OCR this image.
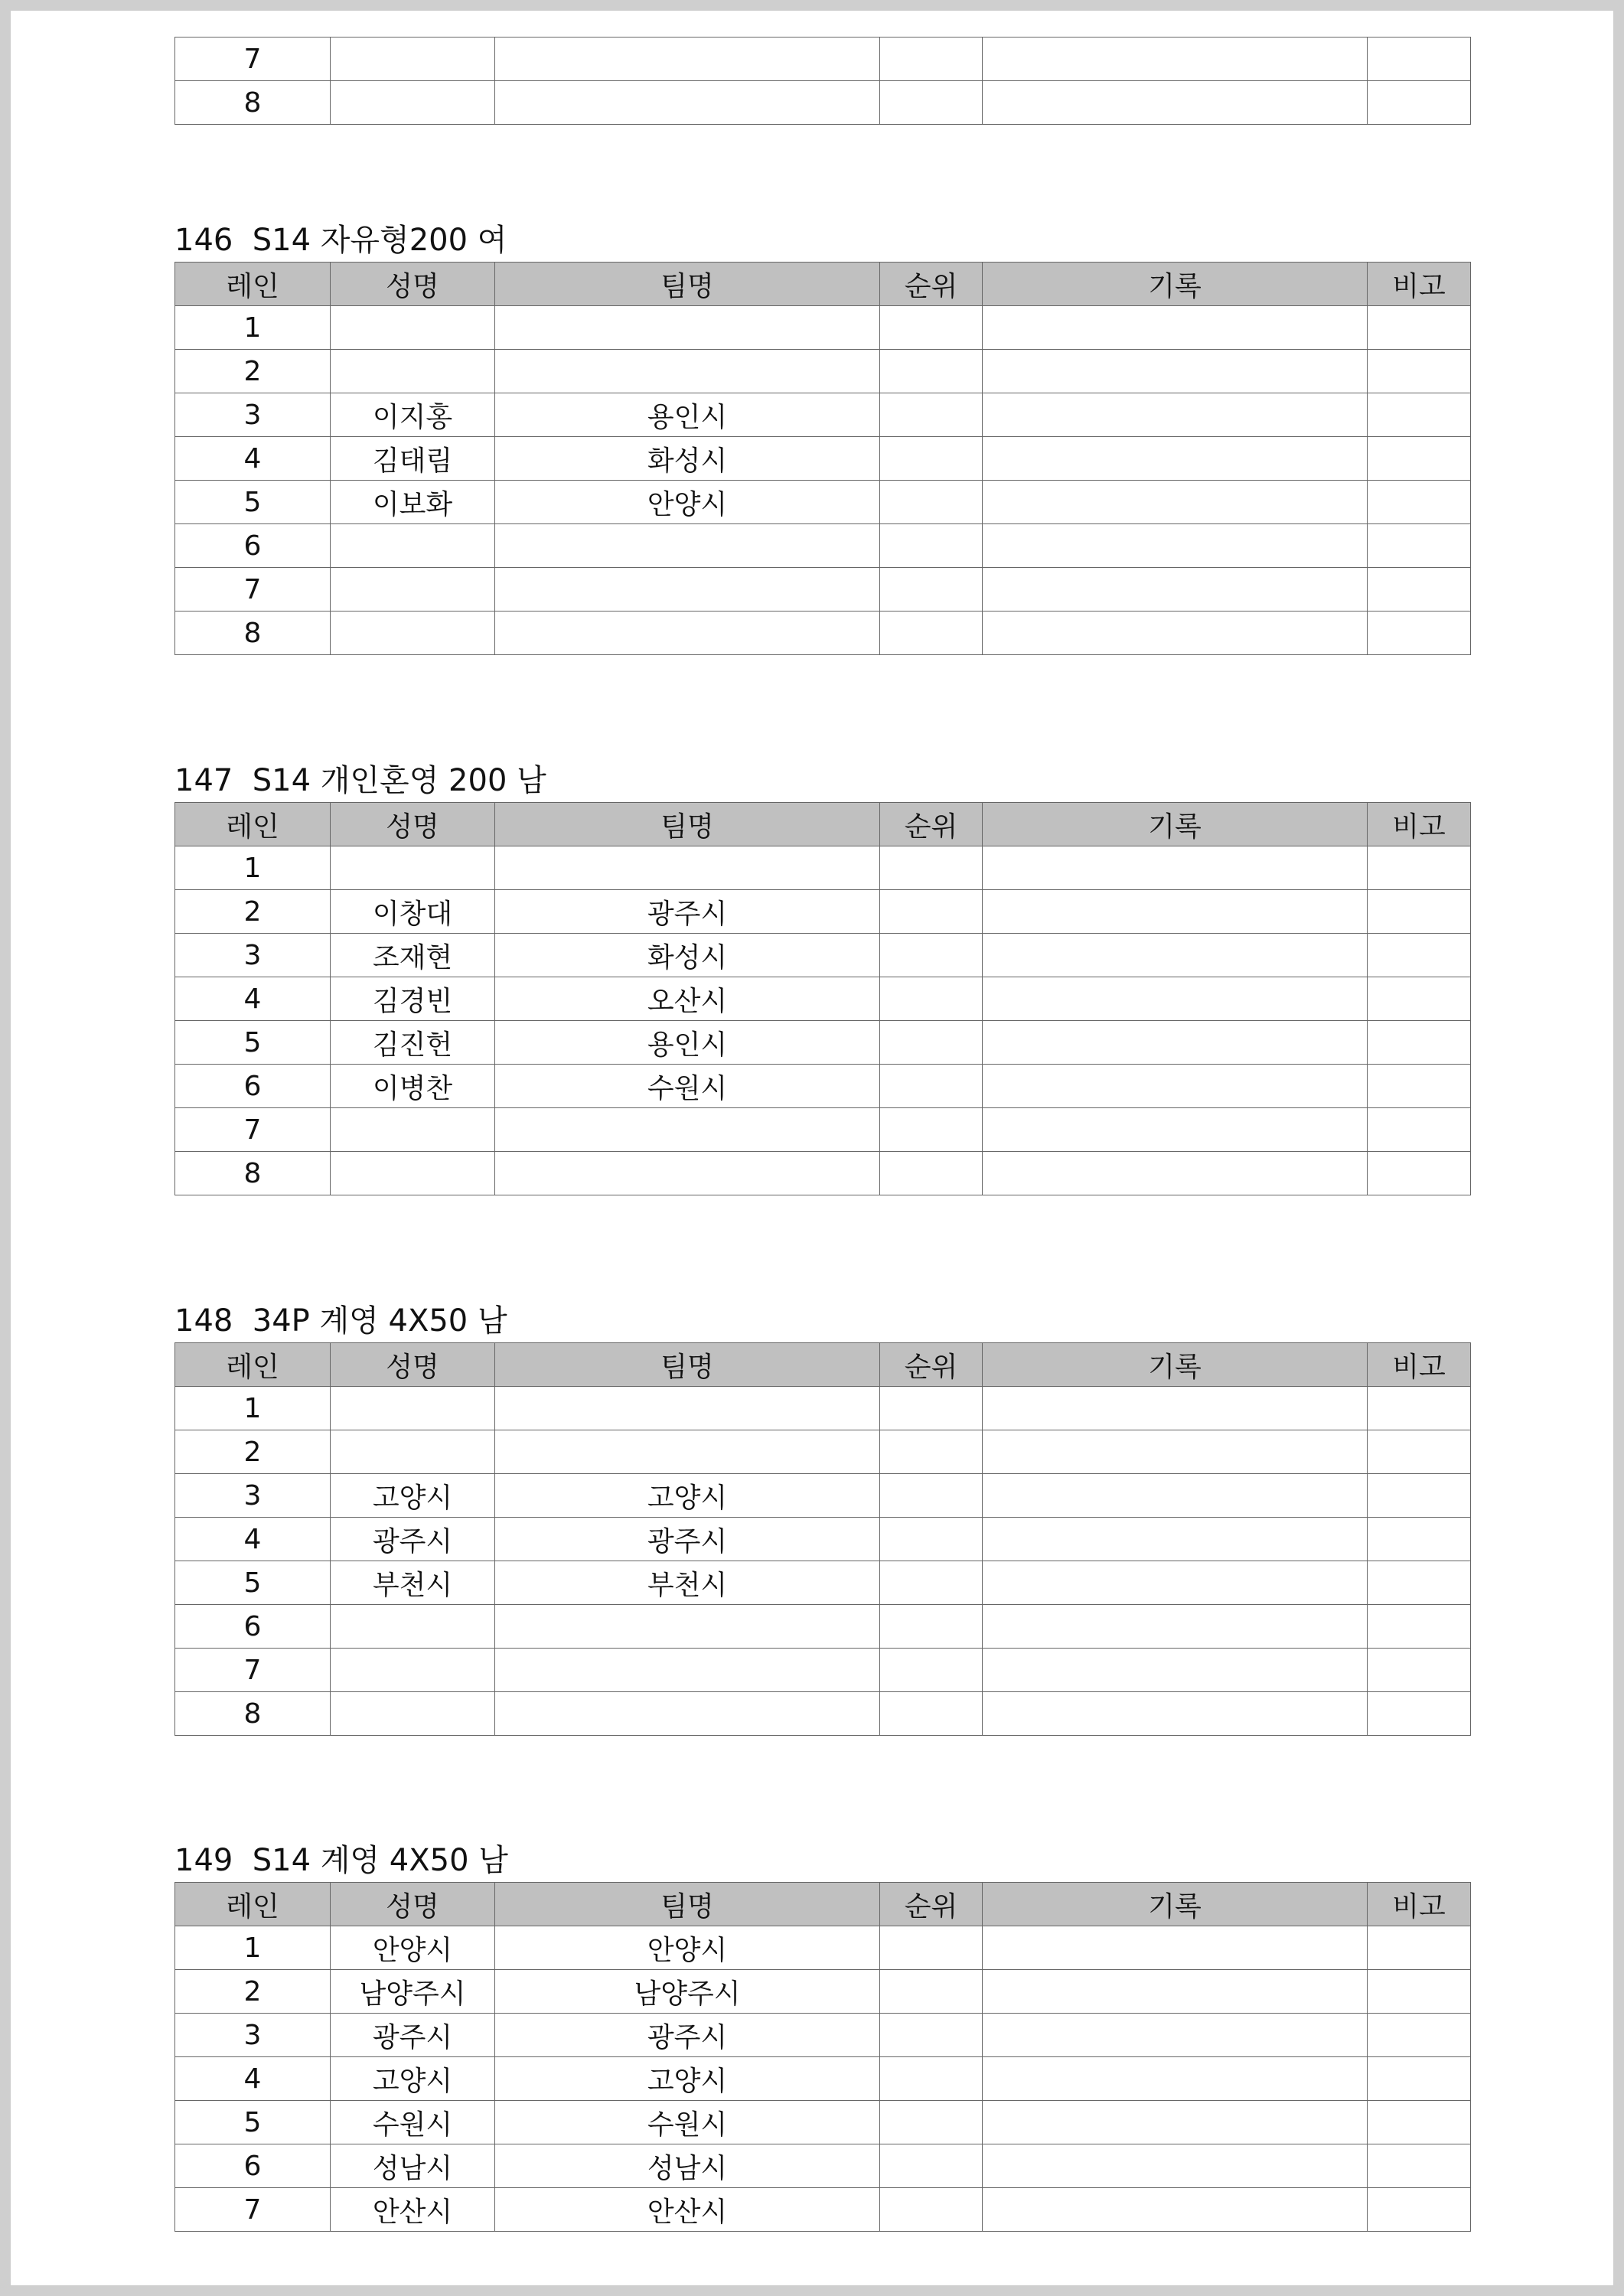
7					
8					
146  S14 자유형200 여
레인	성명	팀명	순위	기록	비고
1					
2					
3	이지홍	용인시			
4	김태림	화성시			
5	이보화	안양시			
6					
7					
8					
147  S14 개인혼영 200 남
레인	성명	팀명	순위	기록	비고
1					
2	이창대	광주시			
3	조재현	화성시			
4	김경빈	오산시			
5	김진헌	용인시			
6	이병찬	수원시			
7					
8					
148  34P 계영 4X50 남
레인	성명	팀명	순위	기록	비고
1					
2					
3	고양시	고양시			
4	광주시	광주시			
5	부천시	부천시			
6					
7					
8					
149  S14 계영 4X50 남
레인	성명	팀명	순위	기록	비고
1	안양시	안양시			
2	남양주시	남양주시			
3	광주시	광주시			
4	고양시	고양시			
5	수원시	수원시			
6	성남시	성남시			
7	안산시	안산시			
